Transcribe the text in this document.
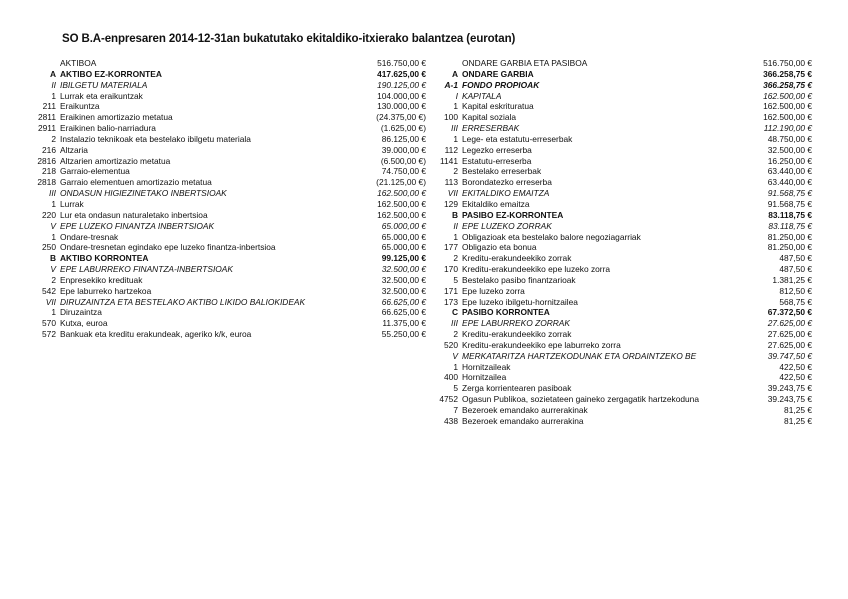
SO B.A-enpresaren 2014-12-31an bukatutako ekitaldiko-itxierako balantzea (eurotan)
AKTIBOA	516.750,00 €
A AKTIBO EZ-KORRONTEA	417.625,00 €
II IBILGETU MATERIALA	190.125,00 €
1 Lurrak eta eraikuntzak	104.000,00 €
211 Eraikuntza	130.000,00 €
2811 Eraikinen amortizazio metatua	(24.375,00 €)
2911 Eraikinen balio-narriadura	(1.625,00 €)
2 Instalazio teknikoak eta bestelako ibilgetu materiala	86.125,00 €
216 Altzaria	39.000,00 €
2816 Altzarien amortizazio metatua	(6.500,00 €)
218 Garraio-elementua	74.750,00 €
2818 Garraio elementuen amortizazio metatua	(21.125,00 €)
III ONDASUN HIGIEZINETAKO INBERTSIOAK	162.500,00 €
1 Lurrak	162.500,00 €
220 Lur eta ondasun naturaletako inbertsioa	162.500,00 €
V EPE LUZEKO FINANTZA INBERTSIOAK	65.000,00 €
1 Ondare-tresnak	65.000,00 €
250 Ondare-tresnetan egindako epe luzeko finantza-inbertsioa	65.000,00 €
B AKTIBO KORRONTEA	99.125,00 €
V EPE LABURREKO FINANTZA-INBERTSIOAK	32.500,00 €
2 Enpresekiko kredituak	32.500,00 €
542 Epe laburreko hartzekoa	32.500,00 €
VII DIRUZAINTZA ETA BESTELAKO AKTIBO LIKIDO BALIOKIDEAK	66.625,00 €
1 Diruzaintza	66.625,00 €
570 Kutxa, euroa	11.375,00 €
572 Bankuak eta kreditu erakundeak, ageriko k/k, euroa	55.250,00 €
ONDARE GARBIA ETA PASIBOA	516.750,00 €
A ONDARE GARBIA	366.258,75 €
A-1 FONDO PROPIOAK	366.258,75 €
I KAPITALA	162.500,00 €
1 Kapital eskrituratua	162.500,00 €
100 Kapital soziala	162.500,00 €
III ERRESERBAK	112.190,00 €
1 Lege- eta estatutu-erreserbak	48.750,00 €
112 Legezko erreserba	32.500,00 €
1141 Estatutu-erreserba	16.250,00 €
2 Bestelako erreserbak	63.440,00 €
113 Borondatezko erreserba	63.440,00 €
VII EKITALDIKO EMAITZA	91.568,75 €
129 Ekitaldiko emaitza	91.568,75 €
B PASIBO EZ-KORRONTEA	83.118,75 €
II EPE LUZEKO ZORRAK	83.118,75 €
1 Obligazioak eta bestelako balore negoziagarriak	81.250,00 €
177 Obligazio eta bonua	81.250,00 €
2 Kreditu-erakundeekiko zorrak	487,50 €
170 Kreditu-erakundeekiko epe luzeko zorra	487,50 €
5 Bestelako pasibo finantzarioak	1.381,25 €
171 Epe luzeko zorra	812,50 €
173 Epe luzeko ibilgetu-hornitzailea	568,75 €
C PASIBO KORRONTEA	67.372,50 €
III EPE LABURREKO ZORRAK	27.625,00 €
2 Kreditu-erakundeekiko zorrak	27.625,00 €
520 Kreditu-erakundeekiko epe laburreko zorra	27.625,00 €
V MERKATARITZA HARTZEKODUNAK ETA ORDAINTZEKO BE	39.747,50 €
1 Hornitzaileak	422,50 €
400 Hornitzailea	422,50 €
5 Zerga korrientearen pasiboak	39.243,75 €
4752 Ogasun Publikoa, sozietateen gaineko zergagatik hartzekoduna	39.243,75 €
7 Bezeroek emandako aurrerakinak	81,25 €
438 Bezeroek emandako aurrerakina	81,25 €
